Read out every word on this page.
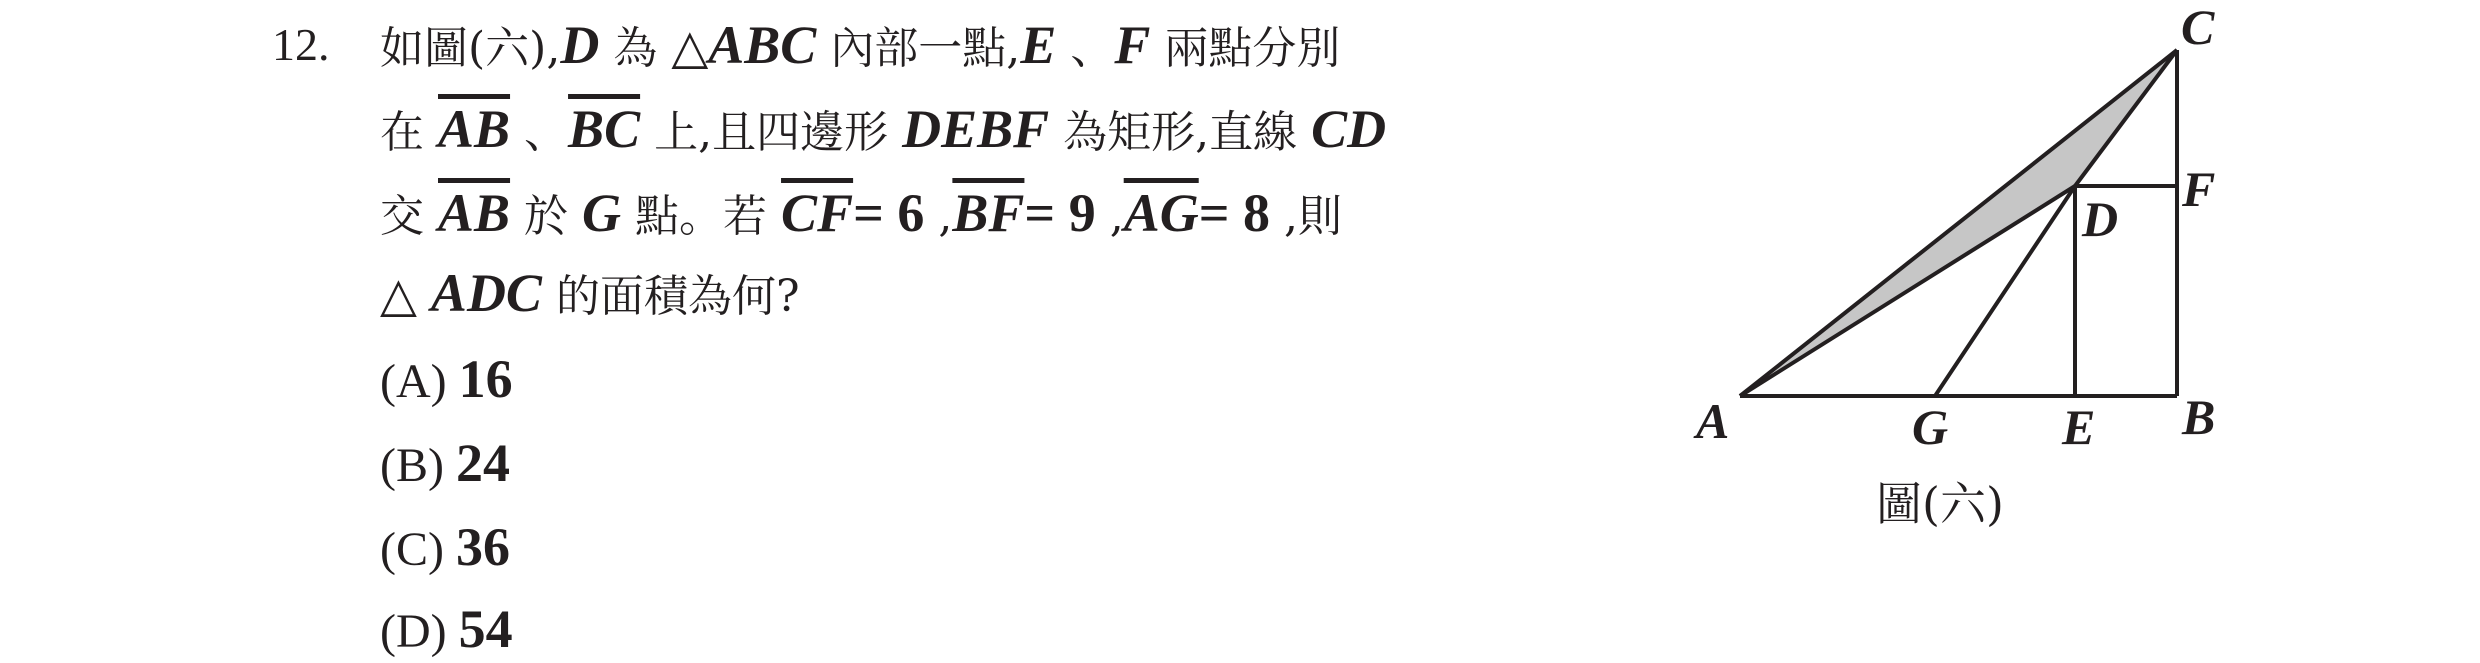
12. 如圖(六),D 為 △ABC 內部一點,E 、F 兩點分別
在 $\overline{AB}$ 、$\overline{BC}$ 上,且四邊形 DEBF 為矩形,直線 CD
交 $\overline{AB}$ 於 G 點。若 $\overline{CF}= 6$ $,\overline{BF}= 9$ $,\overline{AG}= 8$ ,則
△ ADC 的面積為何?
(A) 16
(B) 24
(C) 36
(D) 54
A	B
C
D
E
F
G
圖(六)
